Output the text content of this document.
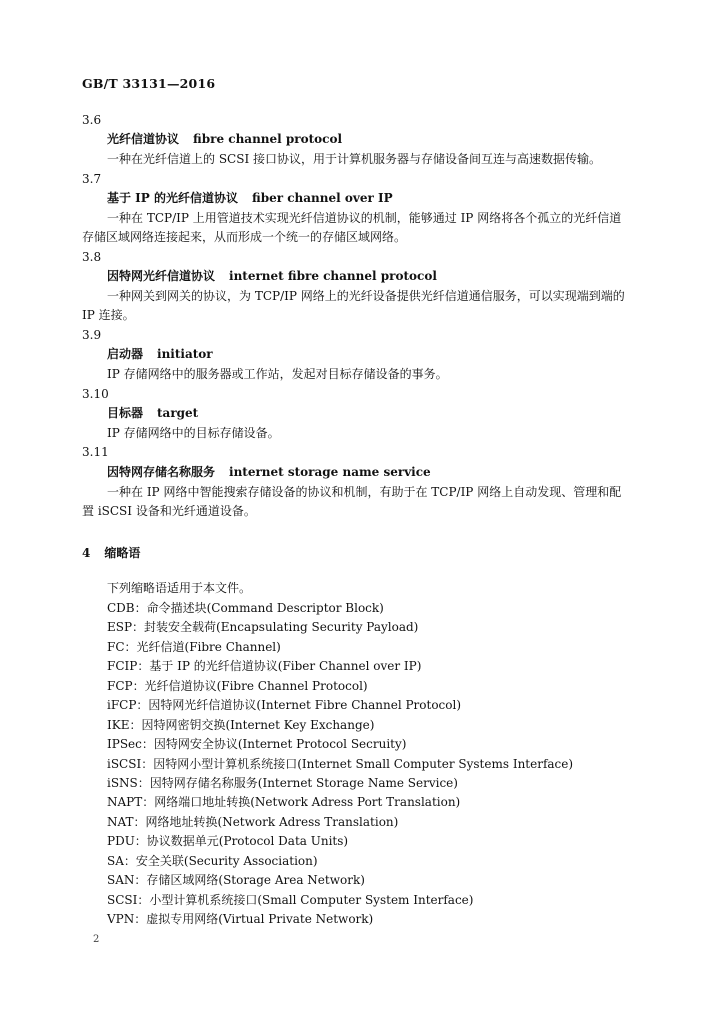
GB/T 33131—2016

3.6

光纤信道协议 fibre channel protocol

一种在光纤信道上的 SCSI 接口协议，用于计算机服务器与存储设备间互连与高速数据传输。

3.7

基于 IP 的光纤信道协议 fiber channel over IP

一种在 TCP/IP 上用管道技术实现光纤信道协议的机制，能够通过 IP 网络将各个孤立的光纤信道

存储区域网络连接起来，从而形成一个统一的存储区域网络。

3.8

因特网光纤信道协议 internet fibre channel protocol

一种网关到网关的协议，为 TCP/IP 网络上的光纤设备提供光纤信道通信服务，可以实现端到端的

IP 连接。

3.9

启动器 initiator

IP 存储网络中的服务器或工作站，发起对目标存储设备的事务。

3.10

目标器 target

IP 存储网络中的目标存储设备。

3.11

因特网存储名称服务 internet storage name service

一种在 IP 网络中智能搜索存储设备的协议和机制，有助于在 TCP/IP 网络上自动发现、管理和配

置 iSCSI 设备和光纤通道设备。

4 缩略语

下列缩略语适用于本文件。

CDB：命令描述块(Command Descriptor Block)
ESP：封装安全载荷(Encapsulating Security Payload)
FC：光纤信道(Fibre Channel)
FCIP：基于 IP 的光纤信道协议(Fiber Channel over IP)
FCP：光纤信道协议(Fibre Channel Protocol)
iFCP：因特网光纤信道协议(Internet Fibre Channel Protocol)
IKE：因特网密钥交换(Internet Key Exchange)
IPSec：因特网安全协议(Internet Protocol Secruity)
iSCSI：因特网小型计算机系统接口(Internet Small Computer Systems Interface)
iSNS：因特网存储名称服务(Internet Storage Name Service)
NAPT：网络端口地址转换(Network Adress Port Translation)
NAT：网络地址转换(Network Adress Translation)
PDU：协议数据单元(Protocol Data Units)
SA：安全关联(Security Association)
SAN：存储区域网络(Storage Area Network)
SCSI：小型计算机系统接口(Small Computer System Interface)
VPN：虚拟专用网络(Virtual Private Network)

2
